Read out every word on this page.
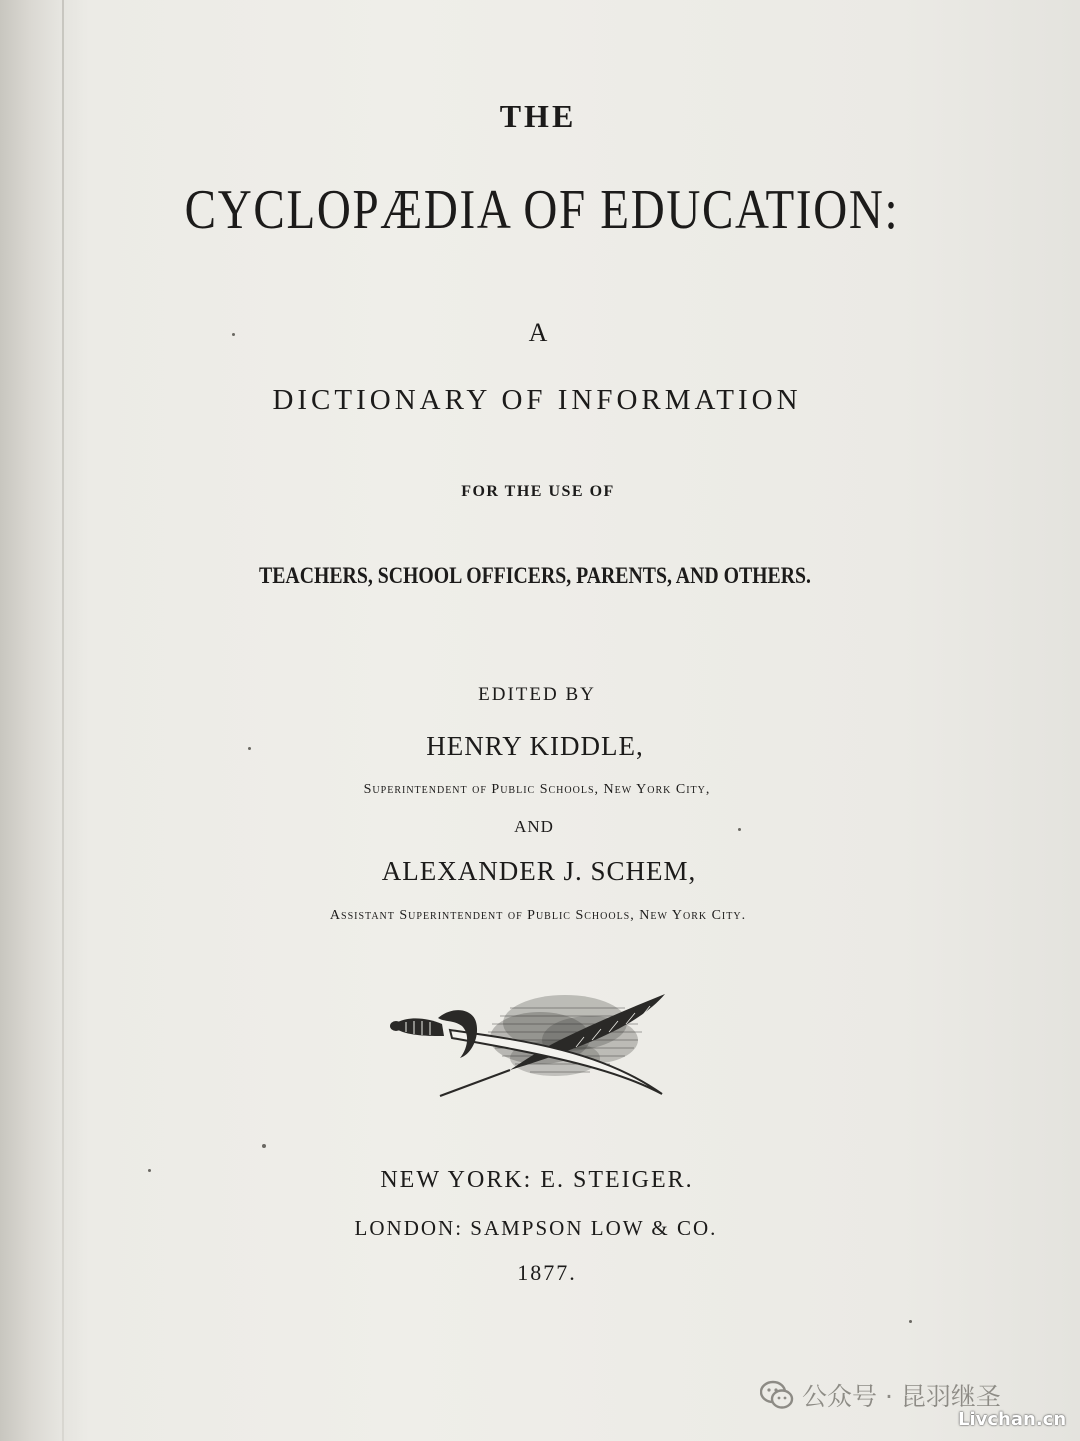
THE
CYCLOPÆDIA OF EDUCATION:
A
DICTIONARY OF INFORMATION
FOR THE USE OF
TEACHERS, SCHOOL OFFICERS, PARENTS, AND OTHERS.
EDITED BY
HENRY KIDDLE,
Superintendent of Public Schools, New York City,
AND
ALEXANDER J. SCHEM,
Assistant Superintendent of Public Schools, New York City.
NEW YORK: E. STEIGER.
LONDON: SAMPSON LOW & CO.
1877.
公众号 · 昆羽继圣
Livchan.cn
